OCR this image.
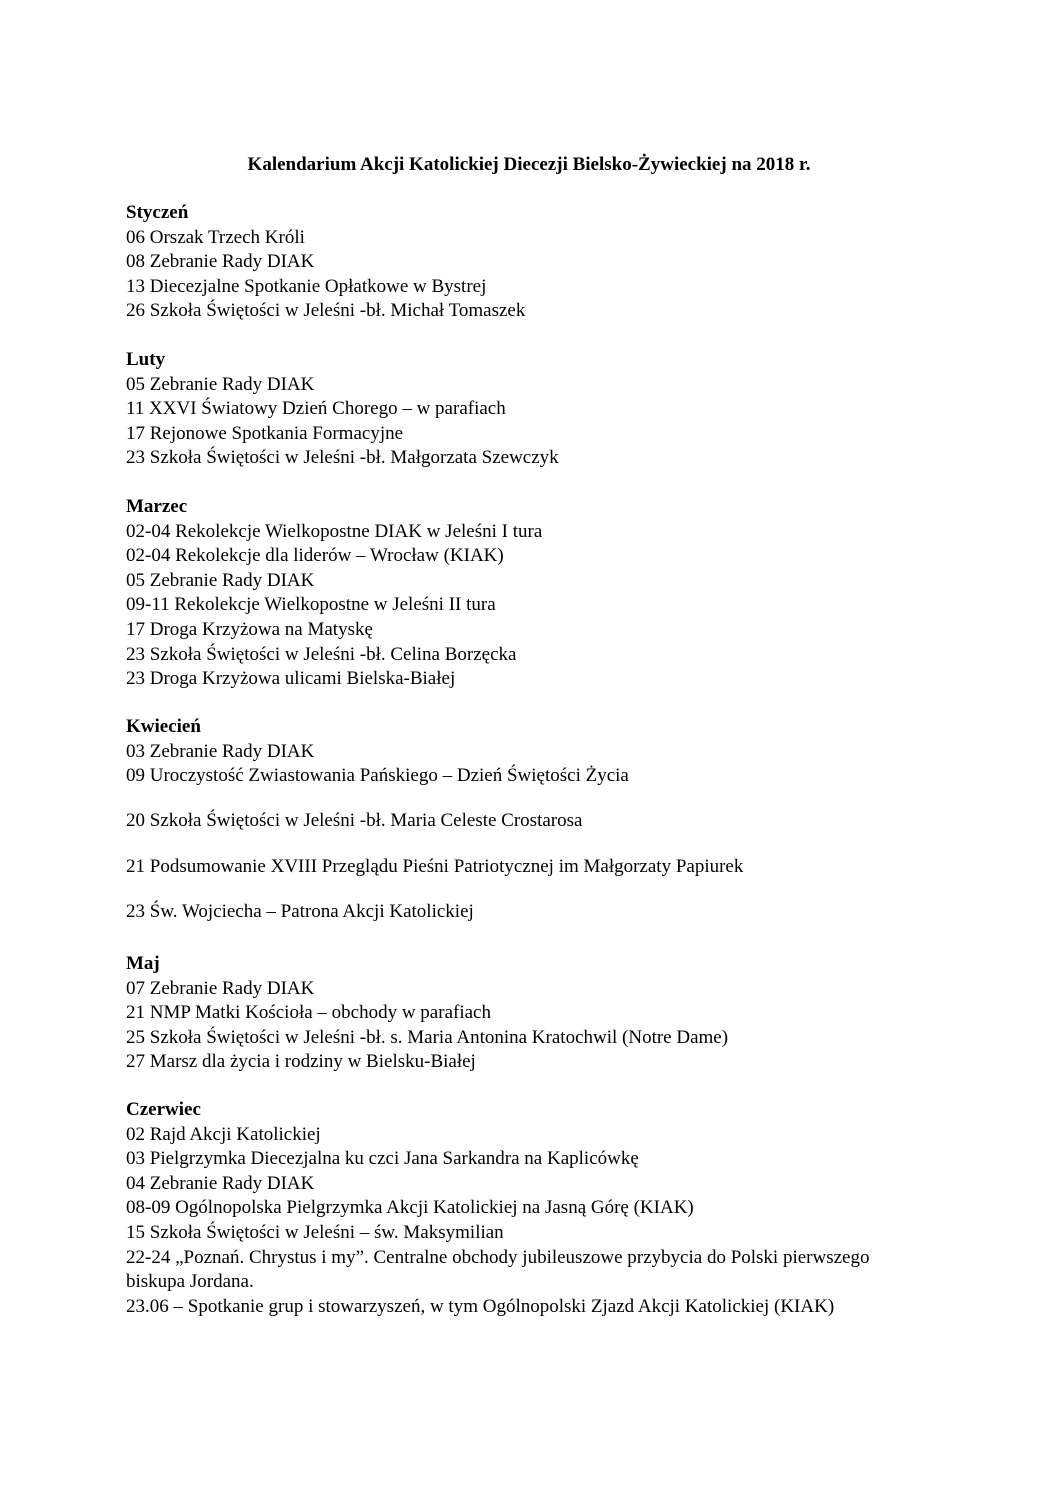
Kalendarium Akcji Katolickiej Diecezji Bielsko-Żywieckiej na 2018 r.
Styczeń
06 Orszak Trzech Króli
08 Zebranie Rady DIAK
13 Diecezjalne Spotkanie Opłatkowe w Bystrej
26 Szkoła Świętości w Jeleśni -bł. Michał Tomaszek
Luty
05 Zebranie Rady DIAK
11 XXVI Światowy Dzień Chorego – w parafiach
17 Rejonowe Spotkania Formacyjne
23 Szkoła Świętości w Jeleśni -bł. Małgorzata Szewczyk
Marzec
02-04 Rekolekcje Wielkopostne DIAK w Jeleśni I tura
02-04 Rekolekcje dla liderów – Wrocław (KIAK)
05 Zebranie Rady DIAK
09-11 Rekolekcje Wielkopostne w Jeleśni II tura
17 Droga Krzyżowa na Matyskę
23 Szkoła Świętości w Jeleśni -bł. Celina Borzęcka
23 Droga Krzyżowa ulicami Bielska-Białej
Kwiecień
03 Zebranie Rady DIAK
09 Uroczystość Zwiastowania Pańskiego – Dzień Świętości Życia
20 Szkoła Świętości w Jeleśni -bł. Maria Celeste Crostarosa
21 Podsumowanie XVIII Przeglądu Pieśni Patriotycznej im Małgorzaty Papiurek
23 Św. Wojciecha – Patrona Akcji Katolickiej
Maj
07 Zebranie Rady DIAK
21 NMP Matki Kościoła – obchody w parafiach
25 Szkoła Świętości w Jeleśni -bł. s. Maria Antonina Kratochwil (Notre Dame)
27 Marsz dla życia i rodziny w Bielsku-Białej
Czerwiec
02 Rajd Akcji Katolickiej
03 Pielgrzymka Diecezjalna ku czci Jana Sarkandra na Kaplicówkę
04 Zebranie Rady DIAK
08-09 Ogólnopolska Pielgrzymka Akcji Katolickiej na Jasną Górę (KIAK)
15 Szkoła Świętości w Jeleśni – św. Maksymilian
22-24 „Poznań. Chrystus i my”. Centralne obchody jubileuszowe przybycia do Polski pierwszego biskupa Jordana.
23.06 – Spotkanie grup i stowarzyszeń, w tym Ogólnopolski Zjazd Akcji Katolickiej (KIAK)
